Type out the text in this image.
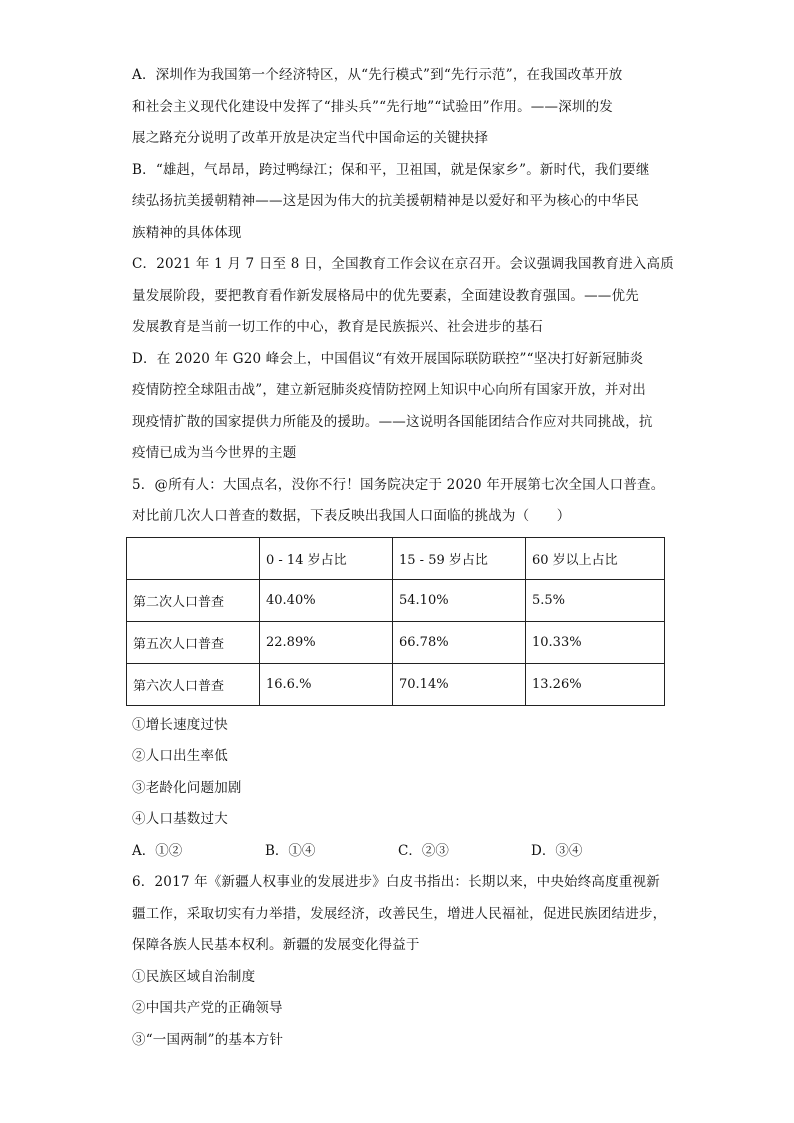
A．深圳作为我国第一个经济特区，从“先行模式”到“先行示范”，在我国改革开放
和社会主义现代化建设中发挥了“排头兵”“先行地”“试验田”作用。——深圳的发
展之路充分说明了改革开放是决定当代中国命运的关键抉择
B．“雄赳，气昂昂，跨过鸭绿江；保和平，卫祖国，就是保家乡”。新时代，我们要继
续弘扬抗美援朝精神——这是因为伟大的抗美援朝精神是以爱好和平为核心的中华民
族精神的具体体现
C．2021 年 1 月 7 日至 8 日，全国教育工作会议在京召开。会议强调我国教育进入高质
量发展阶段，要把教育看作新发展格局中的优先要素，全面建设教育强国。——优先
发展教育是当前一切工作的中心，教育是民族振兴、社会进步的基石
D．在 2020 年 G20 峰会上，中国倡议“有效开展国际联防联控”“坚决打好新冠肺炎
疫情防控全球阻击战”，建立新冠肺炎疫情防控网上知识中心向所有国家开放，并对出
现疫情扩散的国家提供力所能及的援助。——这说明各国能团结合作应对共同挑战，抗
疫情已成为当今世界的主题
5．@所有人：大国点名，没你不行！国务院决定于 2020 年开展第七次全国人口普查。
对比前几次人口普查的数据，下表反映出我国人口面临的挑战为（　　）
	0 - 14 岁占比	15 - 59 岁占比	60 岁以上占比
第二次人口普查	40.40%	54.10%	5.5%
第五次人口普查	22.89%	66.78%	10.33%
第六次人口普查	16.6.%	70.14%	13.26%
①增长速度过快
②人口出生率低
③老龄化问题加剧
④人口基数过大
A．①②	B．①④	C．②③	D．③④
6．2017 年《新疆人权事业的发展进步》白皮书指出：长期以来，中央始终高度重视新
疆工作，采取切实有力举措，发展经济，改善民生，增进人民福祉，促进民族团结进步，
保障各族人民基本权利。新疆的发展变化得益于
①民族区域自治制度
②中国共产党的正确领导
③“一国两制”的基本方针
